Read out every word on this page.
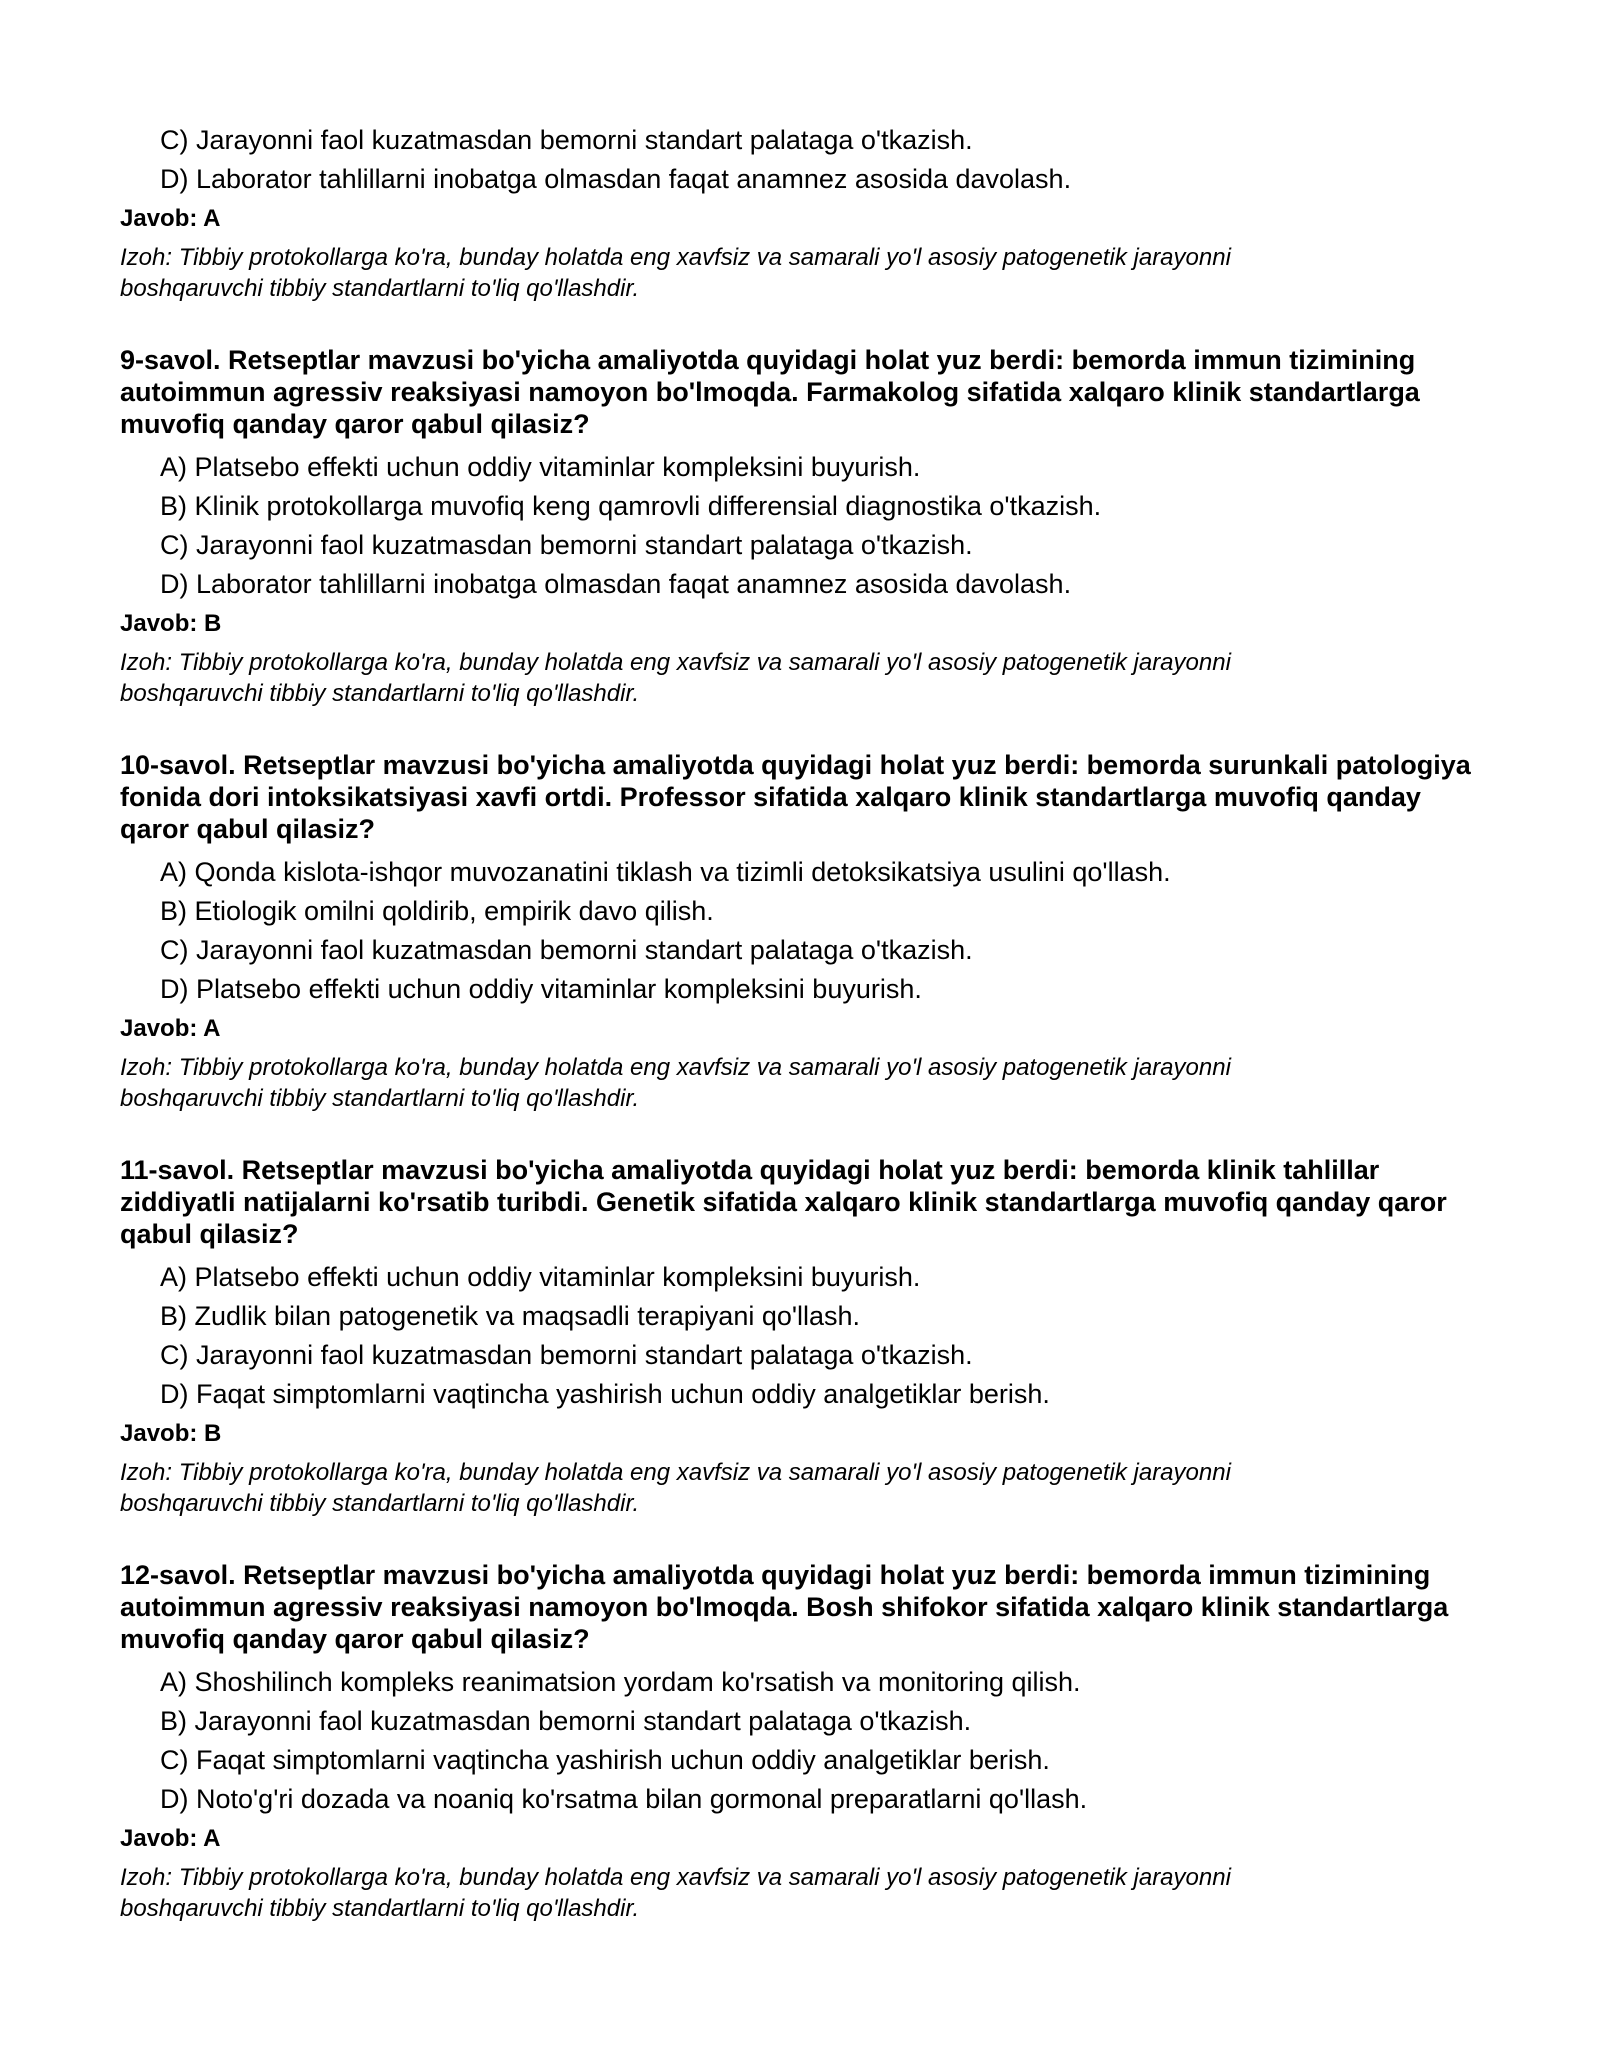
C) Jarayonni faol kuzatmasdan bemorni standart palataga o'tkazish.
D) Laborator tahlillarni inobatga olmasdan faqat anamnez asosida davolash.
Javob: A
Izoh: Tibbiy protokollarga ko'ra, bunday holatda eng xavfsiz va samarali yo'l asosiy patogenetik jarayonni boshqaruvchi tibbiy standartlarni to'liq qo'llashdir.
9-savol. Retseptlar mavzusi bo'yicha amaliyotda quyidagi holat yuz berdi: bemorda immun tizimining autoimmun agressiv reaksiyasi namoyon bo'lmoqda. Farmakolog sifatida xalqaro klinik standartlarga muvofiq qanday qaror qabul qilasiz?
A) Platsebo effekti uchun oddiy vitaminlar kompleksini buyurish.
B) Klinik protokollarga muvofiq keng qamrovli differensial diagnostika o'tkazish.
C) Jarayonni faol kuzatmasdan bemorni standart palataga o'tkazish.
D) Laborator tahlillarni inobatga olmasdan faqat anamnez asosida davolash.
Javob: B
Izoh: Tibbiy protokollarga ko'ra, bunday holatda eng xavfsiz va samarali yo'l asosiy patogenetik jarayonni boshqaruvchi tibbiy standartlarni to'liq qo'llashdir.
10-savol. Retseptlar mavzusi bo'yicha amaliyotda quyidagi holat yuz berdi: bemorda surunkali patologiya fonida dori intoksikatsiyasi xavfi ortdi. Professor sifatida xalqaro klinik standartlarga muvofiq qanday qaror qabul qilasiz?
A) Qonda kislota-ishqor muvozanatini tiklash va tizimli detoksikatsiya usulini qo'llash.
B) Etiologik omilni qoldirib, empirik davo qilish.
C) Jarayonni faol kuzatmasdan bemorni standart palataga o'tkazish.
D) Platsebo effekti uchun oddiy vitaminlar kompleksini buyurish.
Javob: A
Izoh: Tibbiy protokollarga ko'ra, bunday holatda eng xavfsiz va samarali yo'l asosiy patogenetik jarayonni boshqaruvchi tibbiy standartlarni to'liq qo'llashdir.
11-savol. Retseptlar mavzusi bo'yicha amaliyotda quyidagi holat yuz berdi: bemorda klinik tahlillar ziddiyatli natijalarni ko'rsatib turibdi. Genetik sifatida xalqaro klinik standartlarga muvofiq qanday qaror qabul qilasiz?
A) Platsebo effekti uchun oddiy vitaminlar kompleksini buyurish.
B) Zudlik bilan patogenetik va maqsadli terapiyani qo'llash.
C) Jarayonni faol kuzatmasdan bemorni standart palataga o'tkazish.
D) Faqat simptomlarni vaqtincha yashirish uchun oddiy analgetiklar berish.
Javob: B
Izoh: Tibbiy protokollarga ko'ra, bunday holatda eng xavfsiz va samarali yo'l asosiy patogenetik jarayonni boshqaruvchi tibbiy standartlarni to'liq qo'llashdir.
12-savol. Retseptlar mavzusi bo'yicha amaliyotda quyidagi holat yuz berdi: bemorda immun tizimining autoimmun agressiv reaksiyasi namoyon bo'lmoqda. Bosh shifokor sifatida xalqaro klinik standartlarga muvofiq qanday qaror qabul qilasiz?
A) Shoshilinch kompleks reanimatsion yordam ko'rsatish va monitoring qilish.
B) Jarayonni faol kuzatmasdan bemorni standart palataga o'tkazish.
C) Faqat simptomlarni vaqtincha yashirish uchun oddiy analgetiklar berish.
D) Noto'g'ri dozada va noaniq ko'rsatma bilan gormonal preparatlarni qo'llash.
Javob: A
Izoh: Tibbiy protokollarga ko'ra, bunday holatda eng xavfsiz va samarali yo'l asosiy patogenetik jarayonni boshqaruvchi tibbiy standartlarni to'liq qo'llashdir.
